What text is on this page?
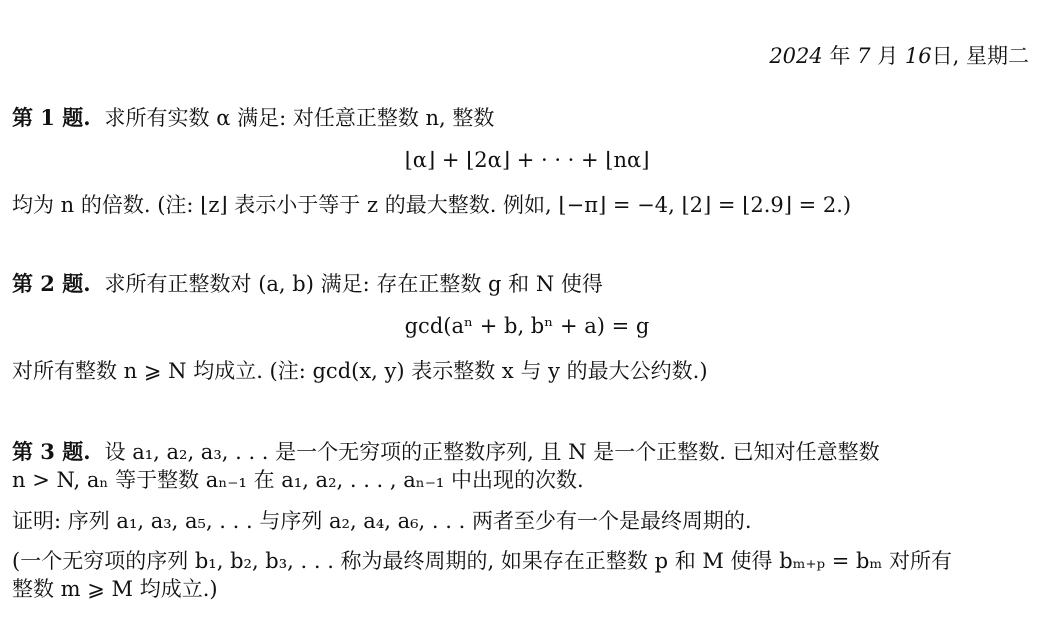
2024 年 7 月 16日, 星期二
第 1 题. 求所有实数 α 满足: 对任意正整数 n, 整数
⌊α⌋ + ⌊2α⌋ + · · · + ⌊nα⌋
均为 n 的倍数. (注: ⌊z⌋ 表示小于等于 z 的最大整数. 例如, ⌊−π⌋ = −4, ⌊2⌋ = ⌊2.9⌋ = 2.)
第 2 题. 求所有正整数对 (a, b) 满足: 存在正整数 g 和 N 使得
gcd(aⁿ + b, bⁿ + a) = g
对所有整数 n ⩾ N 均成立. (注: gcd(x, y) 表示整数 x 与 y 的最大公约数.)
第 3 题. 设 a₁, a₂, a₃, . . . 是一个无穷项的正整数序列, 且 N 是一个正整数. 已知对任意整数
n > N, aₙ 等于整数 aₙ₋₁ 在 a₁, a₂, . . . , aₙ₋₁ 中出现的次数.
证明: 序列 a₁, a₃, a₅, . . . 与序列 a₂, a₄, a₆, . . . 两者至少有一个是最终周期的.
(一个无穷项的序列 b₁, b₂, b₃, . . . 称为最终周期的, 如果存在正整数 p 和 M 使得 bₘ₊ₚ = bₘ 对所有
整数 m ⩾ M 均成立.)
